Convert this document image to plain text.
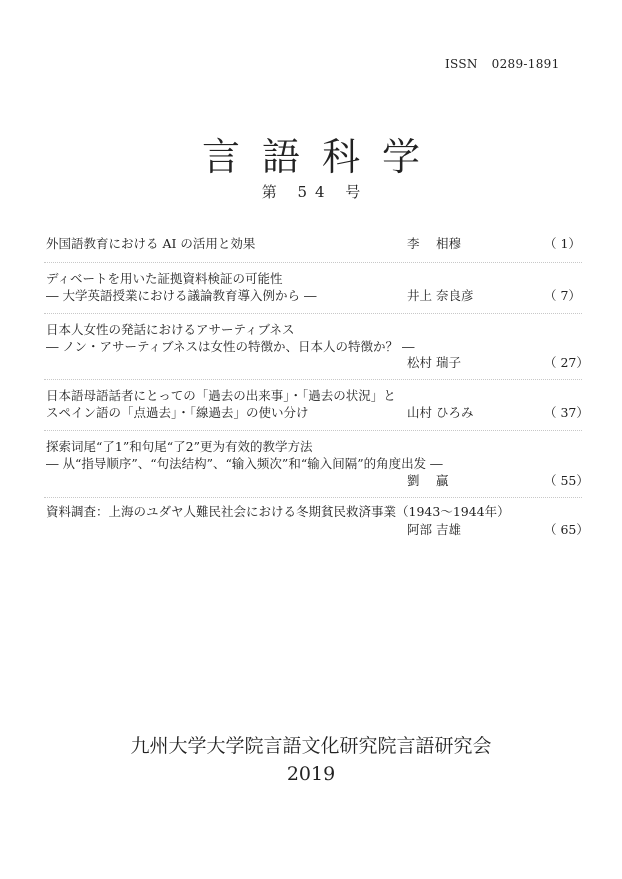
ISSN 0289-1891
言語科学
第 54 号
外国語教育における AI の活用と効果	李　 相穆	（ 1）
ディベートを用いた証拠資料検証の可能性
― 大学英語授業における議論教育導入例から ―	井上 奈良彦	（ 7）
日本人女性の発話におけるアサーティブネス
― ノン・アサーティブネスは女性の特徴か、日本人の特徴か？ ―
松村 瑞子	（ 27）
日本語母語話者にとっての「過去の出来事」・「過去の状況」と
スペイン語の「点過去」・「線過去」の使い分け	山村 ひろみ	（ 37）
探索词尾“了1”和句尾“了2”更为有效的教学方法
― 从“指导顺序”、“句法结构”、“输入频次”和“输入间隔”的角度出发 ―
劉　 贏	（ 55）
資料調査：上海のユダヤ人難民社会における冬期貧民救済事業（1943～1944年）
阿部 吉雄	（ 65）
九州大学大学院言語文化研究院言語研究会
2019
